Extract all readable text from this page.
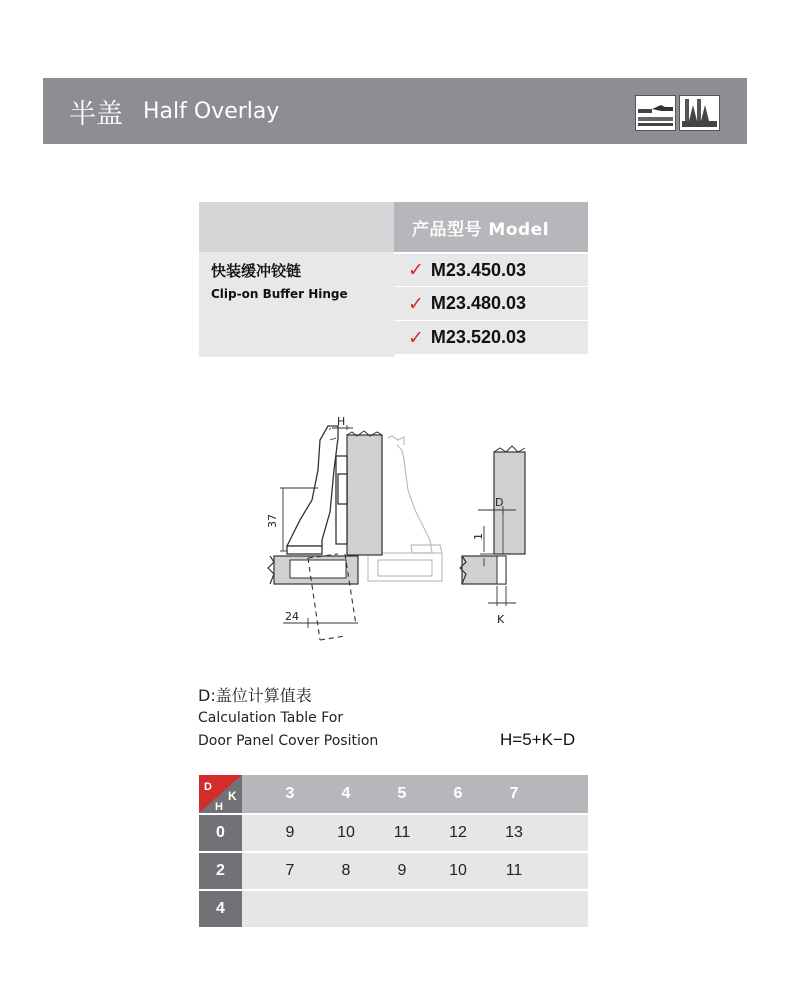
半盖 Half Overlay
产品型号 Model
快装缓冲铰链
Clip-on Buffer Hinge
✓ M23.450.03
✓ M23.480.03
✓ M23.520.03
H
37
24
D
1
K
D:盖位计算值表
Calculation Table For
Door Panel Cover Position	H=5+K−D
D
K
H
3	4	5	6	7
0	9	10	11	12	13
2	7	8	9	10	11
4
